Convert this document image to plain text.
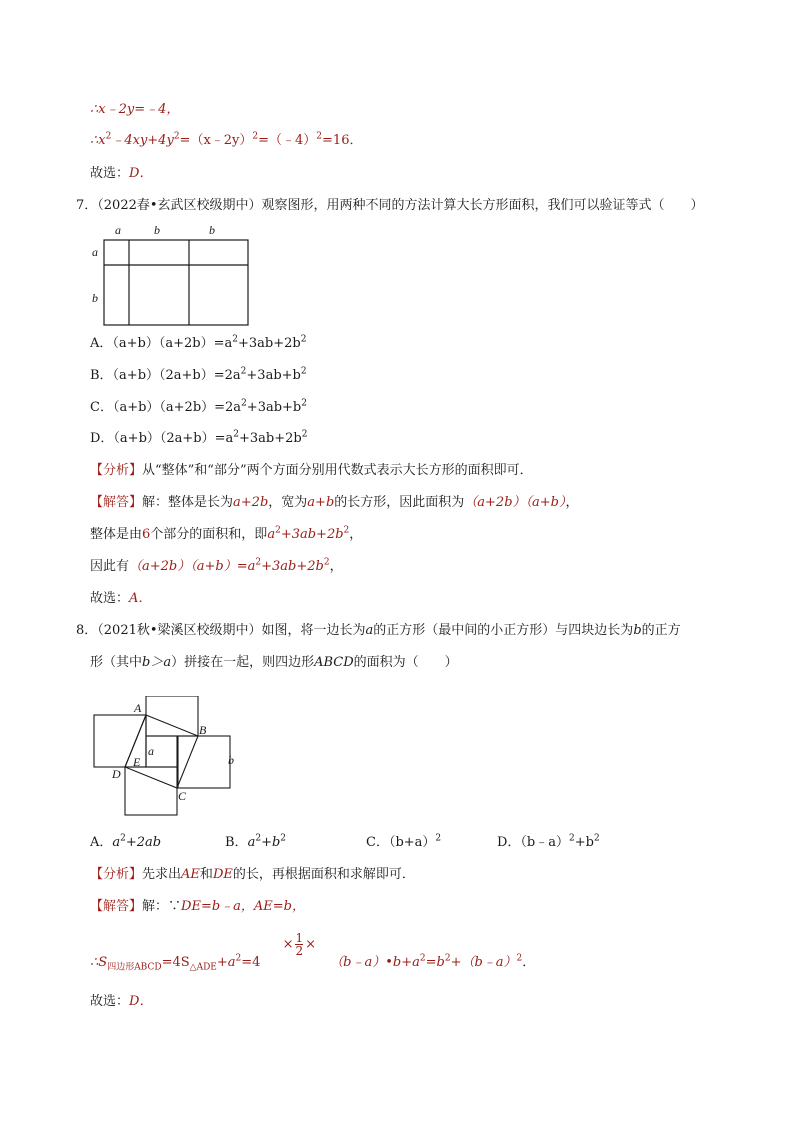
∴x﹣2y=﹣4，
$\therefore x^2﹣4xy+4y^2=(x﹣2y)^2=(﹣4)^2=16$．
故选：D．
7．（2022春•玄武区校级期中）观察图形，用两种不同的方法计算大长方形面积，我们可以验证等式（　　）
a	b	b
a
b
A．$(a+b)(a+2b)=a^2+3ab+2b^2$
B．$(a+b)(2a+b)=2a^2+3ab+b^2$
C．$(a+b)(a+2b)=2a^2+3ab+b^2$
D．$(a+b)(2a+b)=a^2+3ab+2b^2$
【分析】从“整体”和“部分”两个方面分别用代数式表示大长方形的面积即可．
【解答】解：整体是长为a+2b，宽为a+b的长方形，因此面积为（a+2b）（a+b），
整体是由6个部分的面积和，即$a^2+3ab+2b^2$，
因此有$(a+2b)(a+b)=a^2+3ab+2b^2$，
故选：A．
8．（2021秋•梁溪区校级期中）如图，将一边长为a的正方形（最中间的小正方形）与四块边长为b的正方
形（其中b＞a）拼接在一起，则四边形ABCD的面积为（　　）
A
B
C
D
E
a
b
A．$a^2+2ab$	B．$a^2+b^2$	C．$(b+a)^2$	D．$(b﹣a)^2+b^2$
【分析】先求出AE和DE的长，再根据面积和求解即可．
【解答】解：∵DE=b﹣a，AE=b，
$\therefore S_{四边形ABCD}=4S_{\triangle ADE}+a^2=4 \times \frac{1}{2}$ × $(b﹣a)•b+a^2=b^2+(b﹣a)^2$．
故选：D．
